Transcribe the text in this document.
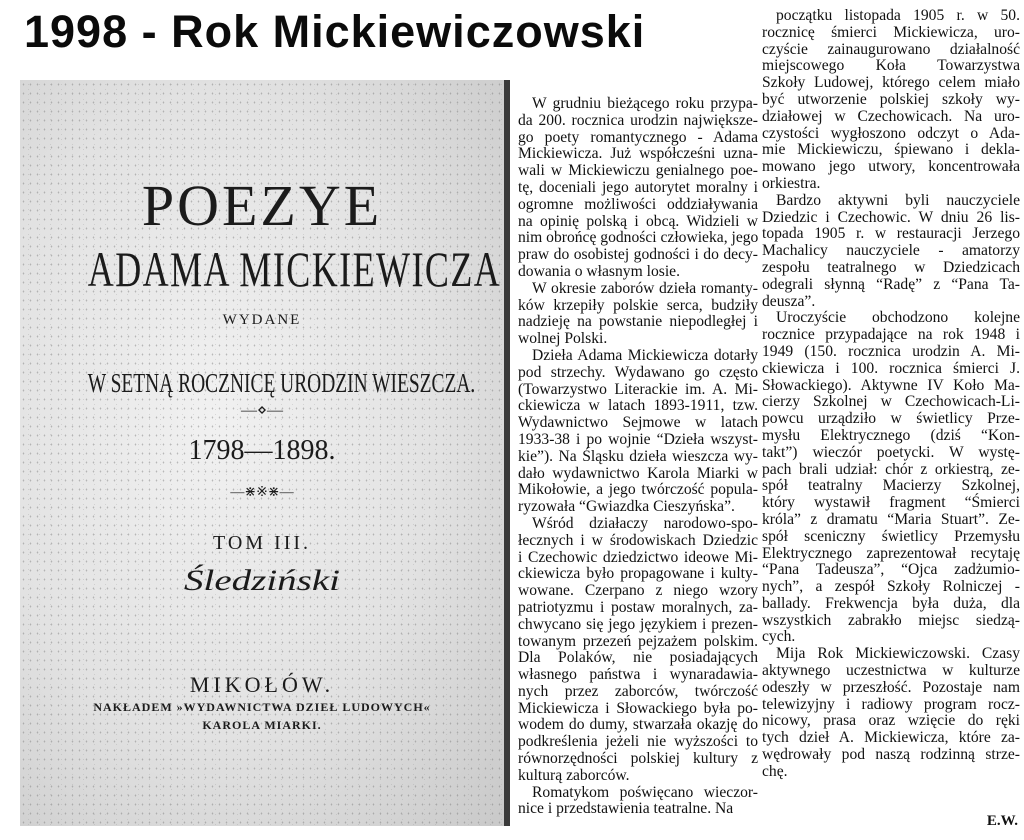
1998 - Rok Mickiewiczowski
POEZYE
ADAMA MICKIEWICZA
WYDANE
W SETNĄ ROCZNICĘ URODZIN WIESZCZA.
—⋄—
1798—1898.
—⋇※⋇—
TOM III.
Śledziński
MIKOŁÓW.
NAKŁADEM »WYDAWNICTWA DZIEŁ LUDOWYCH«
KAROLA MIARKI.
W grudniu bieżącego roku przypa-
da 200. rocznica urodzin największe-
go poety romantycznego - Adama
Mickiewicza. Już współcześni uzna-
wali w Mickiewiczu genialnego poe-
tę, doceniali jego autorytet moralny i
ogromne możliwości oddziaływania
na opinię polską i obcą. Widzieli w
nim obrońcę godności człowieka, jego
praw do osobistej godności i do decy-
dowania o własnym losie.
W okresie zaborów dzieła romanty-
ków krzepiły polskie serca, budziły
nadzieję na powstanie niepodległej i
wolnej Polski.
Dzieła Adama Mickiewicza dotarły
pod strzechy. Wydawano go często
(Towarzystwo Literackie im. A. Mi-
ckiewicza w latach 1893-1911, tzw.
Wydawnictwo Sejmowe w latach
1933-38 i po wojnie “Dzieła wszyst-
kie”). Na Śląsku dzieła wieszcza wy-
dało wydawnictwo Karola Miarki w
Mikołowie, a jego twórczość popula-
ryzowała “Gwiazdka Cieszyńska”.
Wśród działaczy narodowo-spo-
łecznych i w środowiskach Dziedzic
i Czechowic dziedzictwo ideowe Mi-
ckiewicza było propagowane i kulty-
wowane. Czerpano z niego wzory
patriotyzmu i postaw moralnych, za-
chwycano się jego językiem i prezen-
towanym przezeń pejzażem polskim.
Dla Polaków, nie posiadających
własnego państwa i wynaradawia-
nych przez zaborców, twórczość
Mickiewicza i Słowackiego była po-
wodem do dumy, stwarzała okazję do
podkreślenia jeżeli nie wyższości to
równorzędności polskiej kultury z
kulturą zaborców.
Romatykom poświęcano wieczor-
nice i przedstawienia teatralne. Na
początku listopada 1905 r. w 50.
rocznicę śmierci Mickiewicza, uro-
czyście zainaugurowano działalność
miejscowego Koła Towarzystwa
Szkoły Ludowej, którego celem miało
być utworzenie polskiej szkoły wy-
działowej w Czechowicach. Na uro-
czystości wygłoszono odczyt o Ada-
mie Mickiewiczu, śpiewano i dekla-
mowano jego utwory, koncentrowała
orkiestra.
Bardzo aktywni byli nauczyciele
Dziedzic i Czechowic. W dniu 26 lis-
topada 1905 r. w restauracji Jerzego
Machalicy nauczyciele - amatorzy
zespołu teatralnego w Dziedzicach
odegrali słynną “Radę” z “Pana Ta-
deusza”.
Uroczyście obchodzono kolejne
rocznice przypadające na rok 1948 i
1949 (150. rocznica urodzin A. Mi-
ckiewicza i 100. rocznica śmierci J.
Słowackiego). Aktywne IV Koło Ma-
cierzy Szkolnej w Czechowicach-Li-
powcu urządziło w świetlicy Prze-
mysłu Elektrycznego (dziś “Kon-
takt”) wieczór poetycki. W wystę-
pach brali udział: chór z orkiestrą, ze-
spół teatralny Macierzy Szkolnej,
który wystawił fragment “Śmierci
króla” z dramatu “Maria Stuart”. Ze-
spół sceniczny świetlicy Przemysłu
Elektrycznego zaprezentował recytaję
“Pana Tadeusza”, “Ojca zadżumio-
nych”, a zespół Szkoły Rolniczej -
ballady. Frekwencja była duża, dla
wszystkich zabrakło miejsc siedzą-
cych.
Mija Rok Mickiewiczowski. Czasy
aktywnego uczestnictwa w kulturze
odeszły w przeszłość. Pozostaje nam
telewizyjny i radiowy program rocz-
nicowy, prasa oraz wzięcie do ręki
tych dzieł A. Mickiewicza, które za-
wędrowały pod naszą rodzinną strze-
chę.
E.W.
